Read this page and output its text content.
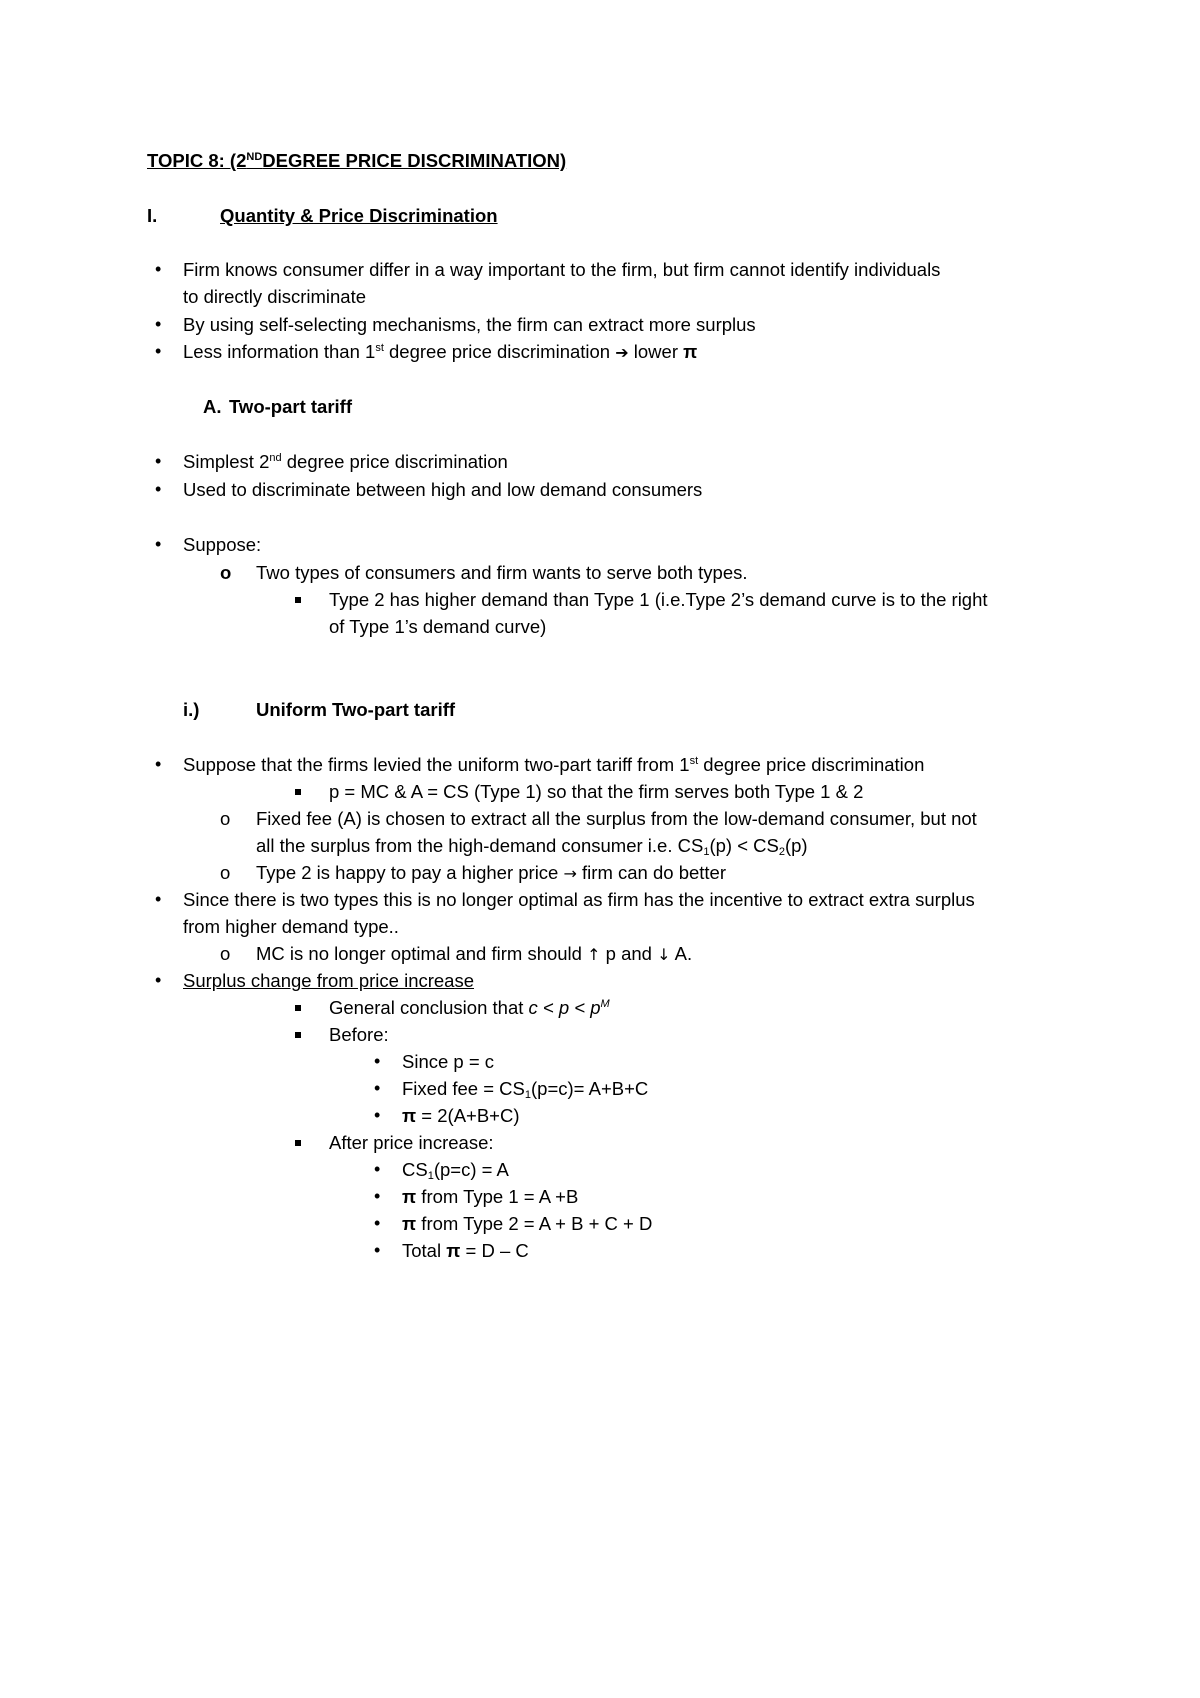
TOPIC 8: (2NDDEGREE PRICE DISCRIMINATION)
I.	Quantity & Price Discrimination
• Firm knows consumer differ in a way important to the firm, but firm cannot identify individuals
to directly discriminate
• By using self-selecting mechanisms, the firm can extract more surplus
• Less information than 1st degree price discrimination ➔ lower π
A. Two-part tariff
• Simplest 2nd degree price discrimination
• Used to discriminate between high and low demand consumers
• Suppose:
o Two types of consumers and firm wants to serve both types.
Type 2 has higher demand than Type 1 (i.e.Type 2’s demand curve is to the right
of Type 1’s demand curve)
i.)	Uniform Two-part tariff
• Suppose that the firms levied the uniform two-part tariff from 1st degree price discrimination
p = MC & A = CS (Type 1) so that the firm serves both Type 1 & 2
o Fixed fee (A) is chosen to extract all the surplus from the low-demand consumer, but not
all the surplus from the high-demand consumer i.e. $CS_1(p) < CS_2(p)$
o Type 2 is happy to pay a higher price → firm can do better
• Since there is two types this is no longer optimal as firm has the incentive to extract extra surplus
from higher demand type..
o MC is no longer optimal and firm should ↑ p and ↓ A.
• Surplus change from price increase
General conclusion that $c < p < p^M$
Before:
• Since p = c
• Fixed fee = $CS_1(p=c)= A+B+C$
• π = 2(A+B+C)
After price increase:
• $CS_1(p=c) = A$
• π from Type 1 = A +B
• π from Type 2 = A + B + C + D
• Total π = D – C
